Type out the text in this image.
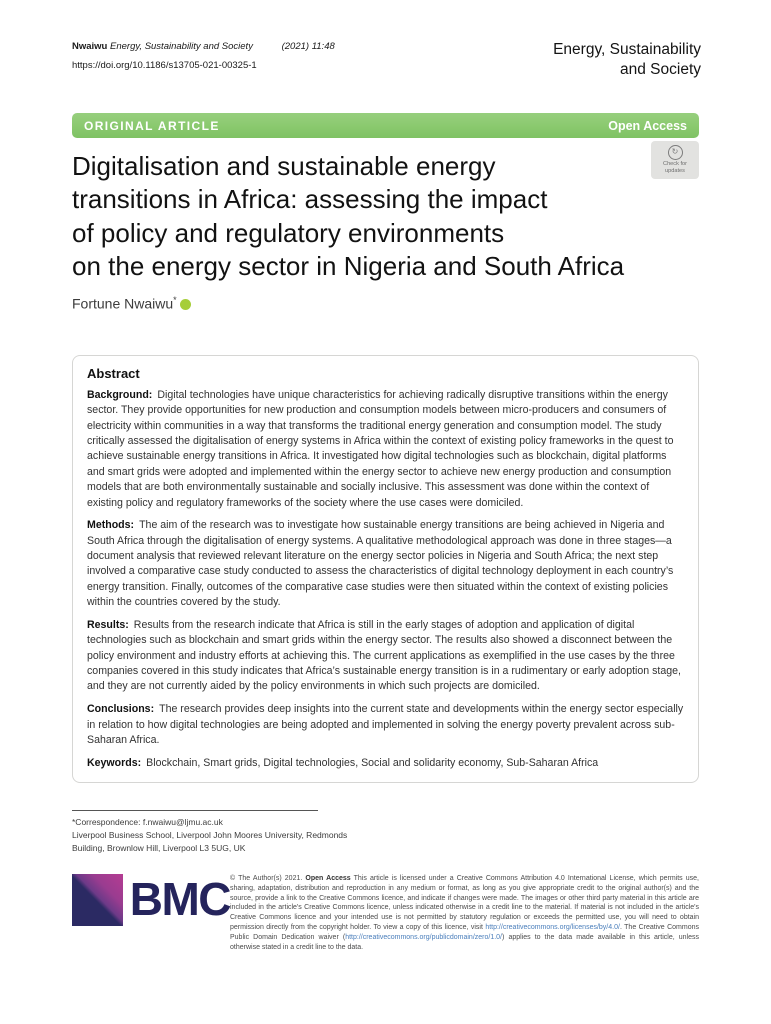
Nwaiwu Energy, Sustainability and Society	(2021) 11:48
https://doi.org/10.1186/s13705-021-00325-1
Energy, Sustainability
and Society
ORIGINAL ARTICLE	Open Access
↻
Check for updates
Digitalisation and sustainable energy
transitions in Africa: assessing the impact
of policy and regulatory environments
on the energy sector in Nigeria and South Africa
Fortune Nwaiwu*
Abstract

Background: Digital technologies have unique characteristics for achieving radically disruptive transitions within the energy sector. They provide opportunities for new production and consumption models between micro-producers and consumers of electricity within communities in a way that transforms the traditional energy generation and consumption model. The study critically assessed the digitalisation of energy systems in Africa within the context of existing policy frameworks in the quest to achieve sustainable energy transitions in Africa. It investigated how digital technologies such as blockchain, digital platforms and smart grids were adopted and implemented within the energy sector to achieve new energy production and consumption models that are both environmentally sustainable and socially inclusive. This assessment was done within the context of existing policy and regulatory frameworks of the society where the use cases were domiciled.

Methods: The aim of the research was to investigate how sustainable energy transitions are being achieved in Nigeria and South Africa through the digitalisation of energy systems. A qualitative methodological approach was done in three stages—a document analysis that reviewed relevant literature on the energy sector policies in Nigeria and South Africa; the next step involved a comparative case study conducted to assess the characteristics of digital technology deployment in each country’s energy transition. Finally, outcomes of the comparative case studies were then situated within the context of existing policies within the countries covered by the study.

Results: Results from the research indicate that Africa is still in the early stages of adoption and application of digital technologies such as blockchain and smart grids within the energy sector. The results also showed a disconnect between the policy environment and industry efforts at achieving this. The current applications as exemplified in the use cases by the three companies covered in this study indicates that Africa’s sustainable energy transition is in a rudimentary or early adoption stage, and they are not currently aided by the policy environments in which such projects are domiciled.

Conclusions: The research provides deep insights into the current state and developments within the energy sector especially in relation to how digital technologies are being adopted and implemented in solving the energy poverty prevalent across sub-Saharan Africa.

Keywords: Blockchain, Smart grids, Digital technologies, Social and solidarity economy, Sub-Saharan Africa

*Correspondence: f.nwaiwu@ljmu.ac.uk
Liverpool Business School, Liverpool John Moores University, Redmonds
Building, Brownlow Hill, Liverpool L3 5UG, UK
BMC © The Author(s) 2021. Open Access This article is licensed under a Creative Commons Attribution 4.0 International License, which permits use, sharing, adaptation, distribution and reproduction in any medium or format, as long as you give appropriate credit to the original author(s) and the source, provide a link to the Creative Commons licence, and indicate if changes were made. The images or other third party material in this article are included in the article's Creative Commons licence, unless indicated otherwise in a credit line to the material. If material is not included in the article's Creative Commons licence and your intended use is not permitted by statutory regulation or exceeds the permitted use, you will need to obtain permission directly from the copyright holder. To view a copy of this licence, visit http://creativecommons.org/licenses/by/4.0/. The Creative Commons Public Domain Dedication waiver (http://creativecommons.org/publicdomain/zero/1.0/) applies to the data made available in this article, unless otherwise stated in a credit line to the data.
